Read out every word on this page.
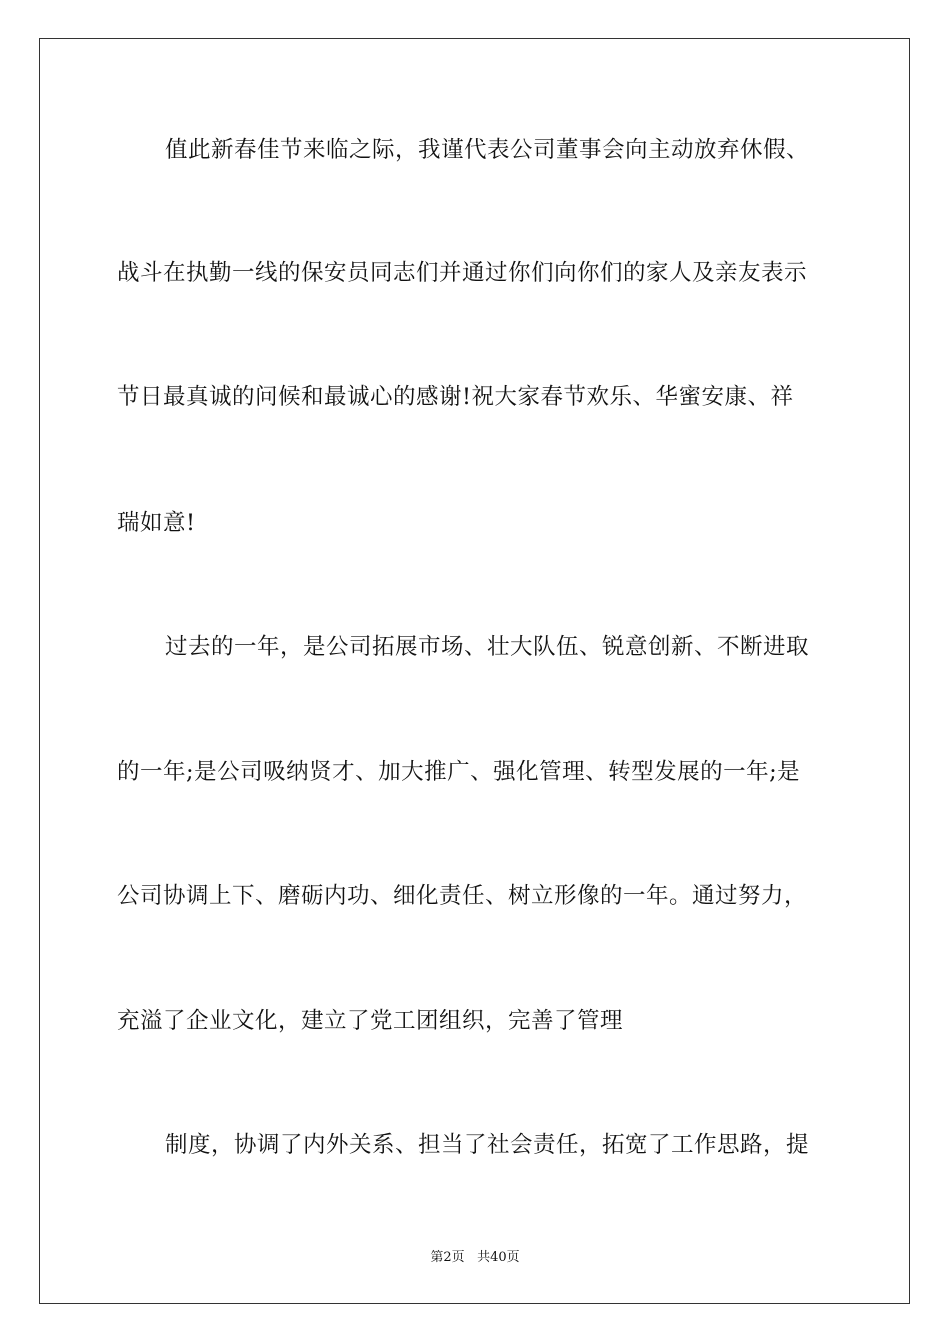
值此新春佳节来临之际，我谨代表公司董事会向主动放弃休假、
战斗在执勤一线的保安员同志们并通过你们向你们的家人及亲友表示
节日最真诚的问候和最诚心的感谢!祝大家春节欢乐、华蜜安康、祥
瑞如意!
过去的一年，是公司拓展市场、壮大队伍、锐意创新、不断进取
的一年;是公司吸纳贤才、加大推广、强化管理、转型发展的一年;是
公司协调上下、磨砺内功、细化责任、树立形像的一年。通过努力，
充溢了企业文化，建立了党工团组织，完善了管理
制度，协调了内外关系、担当了社会责任，拓宽了工作思路，提
第2页 共40页
